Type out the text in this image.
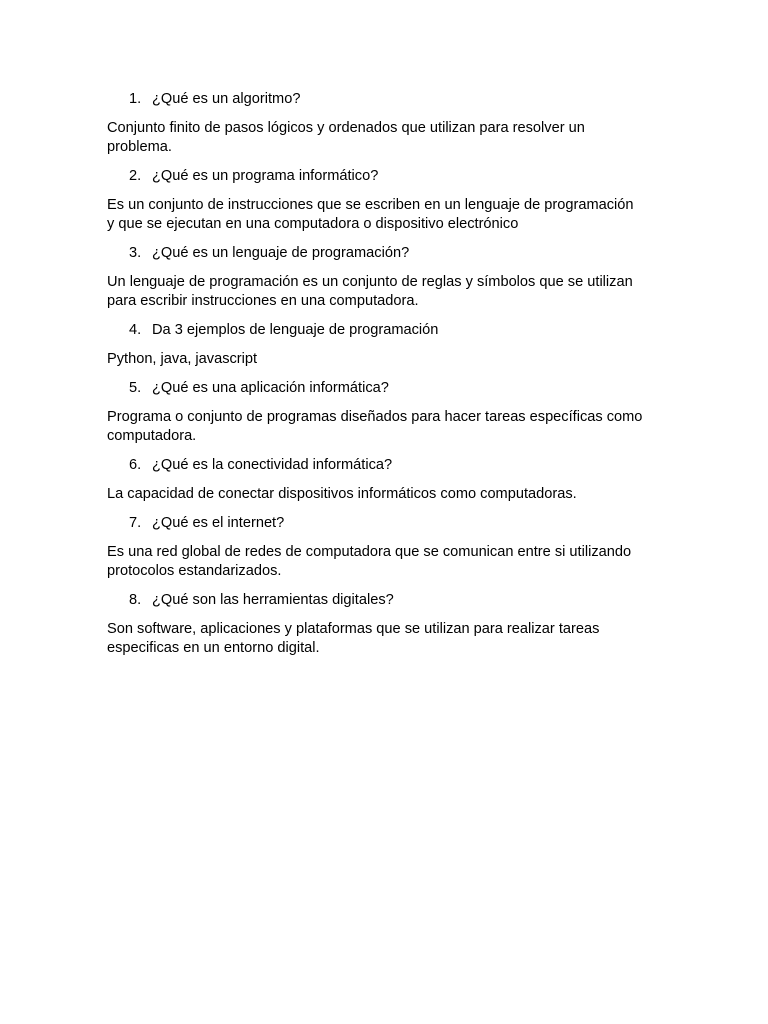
1. ¿Qué es un algoritmo?
Conjunto finito de pasos lógicos y ordenados que utilizan para resolver un
problema.
2. ¿Qué es un programa informático?
Es un conjunto de instrucciones que se escriben en un lenguaje de programación
y que se ejecutan en una computadora o dispositivo electrónico
3. ¿Qué es un lenguaje de programación?
Un lenguaje de programación es un conjunto de reglas y símbolos que se utilizan
para escribir instrucciones en una computadora.
4. Da 3 ejemplos de lenguaje de programación
Python, java, javascript
5. ¿Qué es una aplicación informática?
Programa o conjunto de programas diseñados para hacer tareas específicas como
computadora.
6. ¿Qué es la conectividad informática?
La capacidad de conectar dispositivos informáticos como computadoras.
7. ¿Qué es el internet?
Es una red global de redes de computadora que se comunican entre si utilizando
protocolos estandarizados.
8. ¿Qué son las herramientas digitales?
Son software, aplicaciones y plataformas que se utilizan para realizar tareas
especificas en un entorno digital.
